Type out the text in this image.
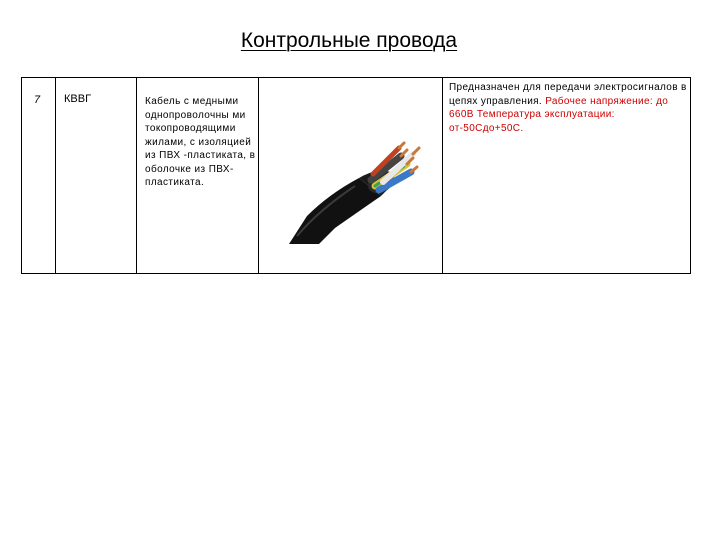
Контрольные провода
7 КВВГ	Кабель с медными однопроволочны ми токопроводящими жилами, с изоляцией из ПВХ -пластиката, в оболочке из ПВХ-пластиката.
Предназначен для передачи электросигналов в цепях управления. Рабочее напряжение: до 660В Температура эксплуатации: от-50Сдо+50С.
